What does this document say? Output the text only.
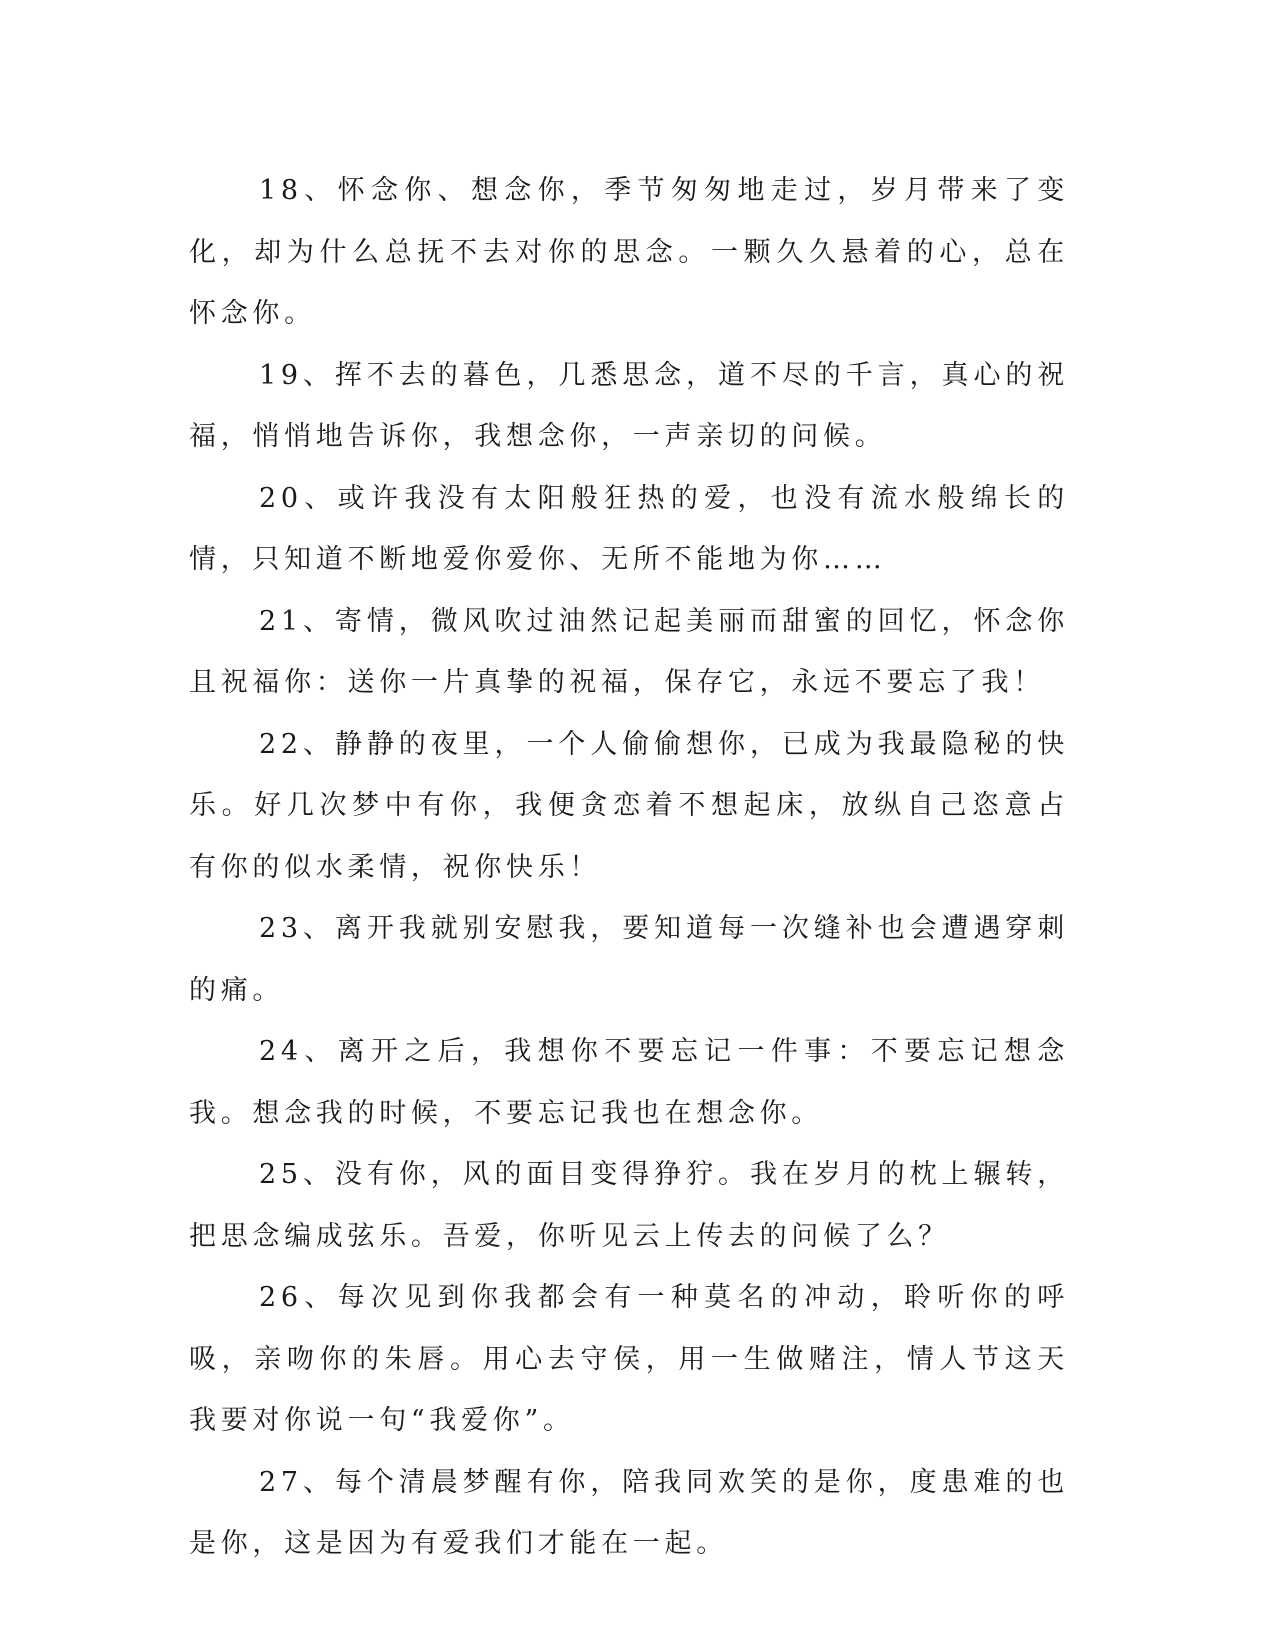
18、怀念你、想念你，季节匆匆地走过，岁月带来了变化，却为什么总抚不去对你的思念。一颗久久悬着的心，总在怀念你。

19、挥不去的暮色，几悉思念，道不尽的千言，真心的祝福，悄悄地告诉你，我想念你，一声亲切的问候。

20、或许我没有太阳般狂热的爱，也没有流水般绵长的情，只知道不断地爱你爱你、无所不能地为你……

21、寄情，微风吹过油然记起美丽而甜蜜的回忆，怀念你且祝福你：送你一片真挚的祝福，保存它，永远不要忘了我！

22、静静的夜里，一个人偷偷想你，已成为我最隐秘的快乐。好几次梦中有你，我便贪恋着不想起床，放纵自己恣意占有你的似水柔情，祝你快乐！

23、离开我就别安慰我，要知道每一次缝补也会遭遇穿刺的痛。

24、离开之后，我想你不要忘记一件事：不要忘记想念我。想念我的时候，不要忘记我也在想念你。

25、没有你，风的面目变得狰狞。我在岁月的枕上辗转，把思念编成弦乐。吾爱，你听见云上传去的问候了么？

26、每次见到你我都会有一种莫名的冲动，聆听你的呼吸，亲吻你的朱唇。用心去守侯，用一生做赌注，情人节这天我要对你说一句“我爱你”。

27、每个清晨梦醒有你，陪我同欢笑的是你，度患难的也是你，这是因为有爱我们才能在一起。
